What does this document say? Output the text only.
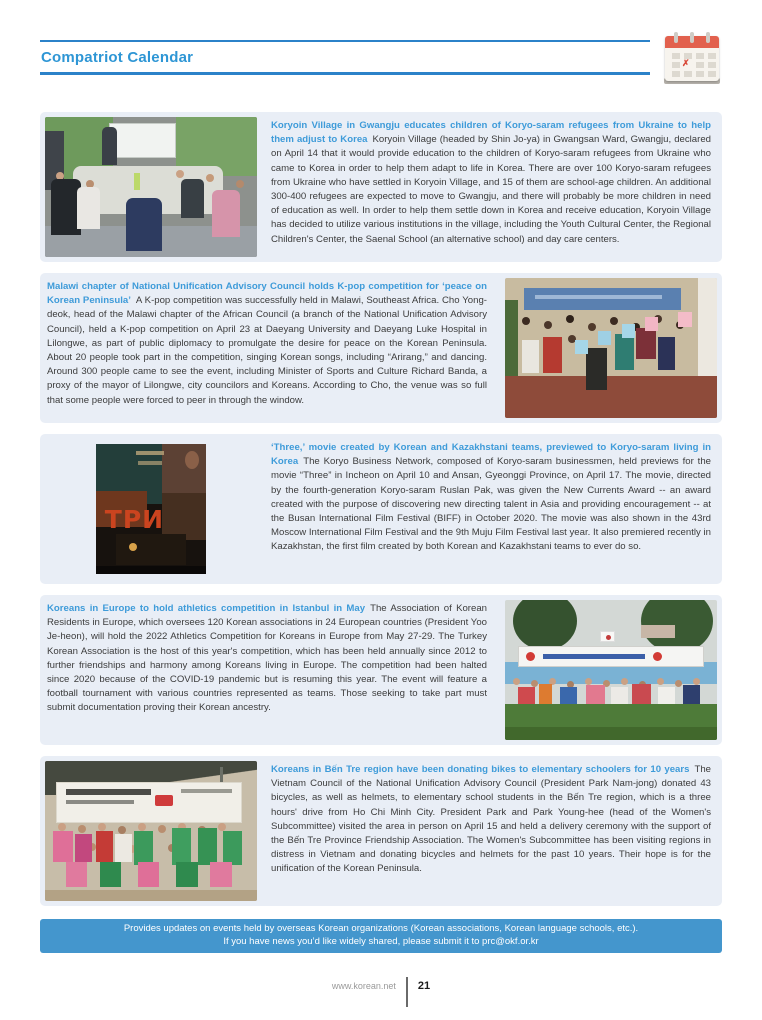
Compatriot Calendar	✗

Koryoin Village in Gwangju educates children of Koryo-saram refugees from Ukraine to help them adjust to Korea Koryoin Village (headed by Shin Jo-ya) in Gwangsan Ward, Gwangju, declared on April 14 that it would provide education to the children of Koryo-saram refugees from Ukraine who came to Korea in order to help them adapt to life in Korea. There are over 100 Koryo-saram refugees from Ukraine who have settled in Koryoin Village, and 15 of them are school-age children. An additional 300-400 refugees are expected to move to Gwangju, and there will probably be more children in need of education as well. In order to help them settle down in Korea and receive education, Koryoin Village has decided to utilize various institutions in the village, including the Youth Cultural Center, the Regional Children's Center, the Saenal School (an alternative school) and day care centers.

Malawi chapter of National Unification Advisory Council holds K-pop competition for ‘peace on Korean Peninsula’ A K-pop competition was successfully held in Malawi, Southeast Africa. Cho Yong-deok, head of the Malawi chapter of the African Council (a branch of the National Unification Advisory Council), held a K-pop competition on April 23 at Daeyang University and Daeyang Luke Hospital in Lilongwe, as part of public diplomacy to promulgate the desire for peace on the Korean Peninsula. About 20 people took part in the competition, singing Korean songs, including “Arirang,” and dancing. Around 300 people came to see the event, including Minister of Sports and Culture Richard Banda, a proxy of the mayor of Lilongwe, city councilors and Koreans. According to Cho, the venue was so full that some people were forced to peer in through the window.

ТРИ

‘Three,’ movie created by Korean and Kazakhstani teams, previewed to Koryo-saram living in Korea The Koryo Business Network, composed of Koryo-saram businessmen, held previews for the movie “Three” in Incheon on April 10 and Ansan, Gyeonggi Province, on April 17. The movie, directed by the fourth-generation Koryo-saram Ruslan Pak, was given the New Currents Award -- an award created with the purpose of discovering new directing talent in Asia and providing encouragement -- at the Busan International Film Festival (BIFF) in October 2020. The movie was also shown in the 43rd Moscow International Film Festival and the 9th Muju Film Festival last year. It also premiered recently in Kazakhstan, the first film created by both Korean and Kazakhstani teams to ever do so.

Koreans in Europe to hold athletics competition in Istanbul in May The Association of Korean Residents in Europe, which oversees 120 Korean associations in 24 European countries (President Yoo Je-heon), will hold the 2022 Athletics Competition for Koreans in Europe from May 27-29. The Turkey Korean Association is the host of this year's competition, which has been held annually since 2012 to further friendships and harmony among Koreans living in Europe. The competition had been halted since 2020 because of the COVID-19 pandemic but is resuming this year. The event will feature a football tournament with various countries represented as teams. Those seeking to take part must submit documentation proving their Korean ancestry.

Koreans in Bến Tre region have been donating bikes to elementary schoolers for 10 years The Vietnam Council of the National Unification Advisory Council (President Park Nam-jong) donated 43 bicycles, as well as helmets, to elementary school students in the Bến Tre region, which is a three hours' drive from Ho Chi Minh City. President Park and Park Young-hee (head of the Women's Subcommittee) visited the area in person on April 15 and held a delivery ceremony with the support of the Bến Tre Province Friendship Association. The Women's Subcommittee has been visiting regions in distress in Vietnam and donating bicycles and helmets for the past 10 years. Their hope is for the unification of the Korean Peninsula.

Provides updates on events held by overseas Korean organizations (Korean associations, Korean language schools, etc.).
If you have news you’d like widely shared, please submit it to prc@okf.or.kr
www.korean.net 21
